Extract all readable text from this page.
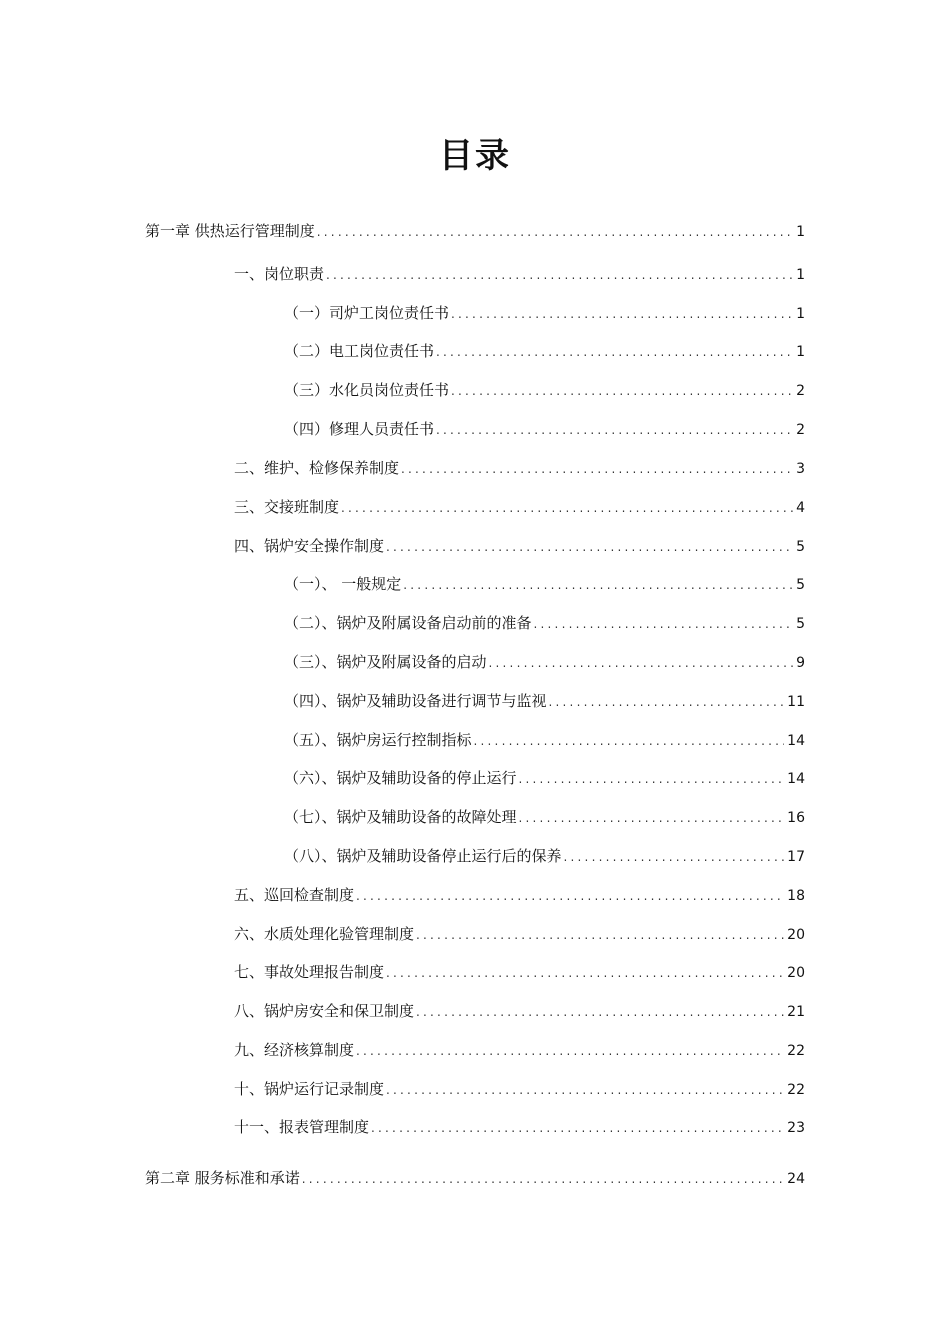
目录
第一章 供热运行管理制度 .....	1
一、岗位职责 .....	1
（一）司炉工岗位责任书 .....	1
（二）电工岗位责任书 .....	1
（三）水化员岗位责任书 .....	2
（四）修理人员责任书 .....	2
二、维护、检修保养制度 .....	3
三、交接班制度 .....	4
四、锅炉安全操作制度 .....	5
（一）、 一般规定 .....	5
（二）、锅炉及附属设备启动前的准备 .....	5
（三）、锅炉及附属设备的启动 .....	9
（四）、锅炉及辅助设备进行调节与监视 .....	11
（五）、锅炉房运行控制指标 .....	14
（六）、锅炉及辅助设备的停止运行 .....	14
（七）、锅炉及辅助设备的故障处理 .....	16
（八）、锅炉及辅助设备停止运行后的保养 .....	17
五、巡回检查制度 .....	18
六、水质处理化验管理制度 .....	20
七、事故处理报告制度 .....	20
八、锅炉房安全和保卫制度 .....	21
九、经济核算制度 .....	22
十、锅炉运行记录制度 .....	22
十一、报表管理制度 .....	23
第二章 服务标准和承诺 .....	24
